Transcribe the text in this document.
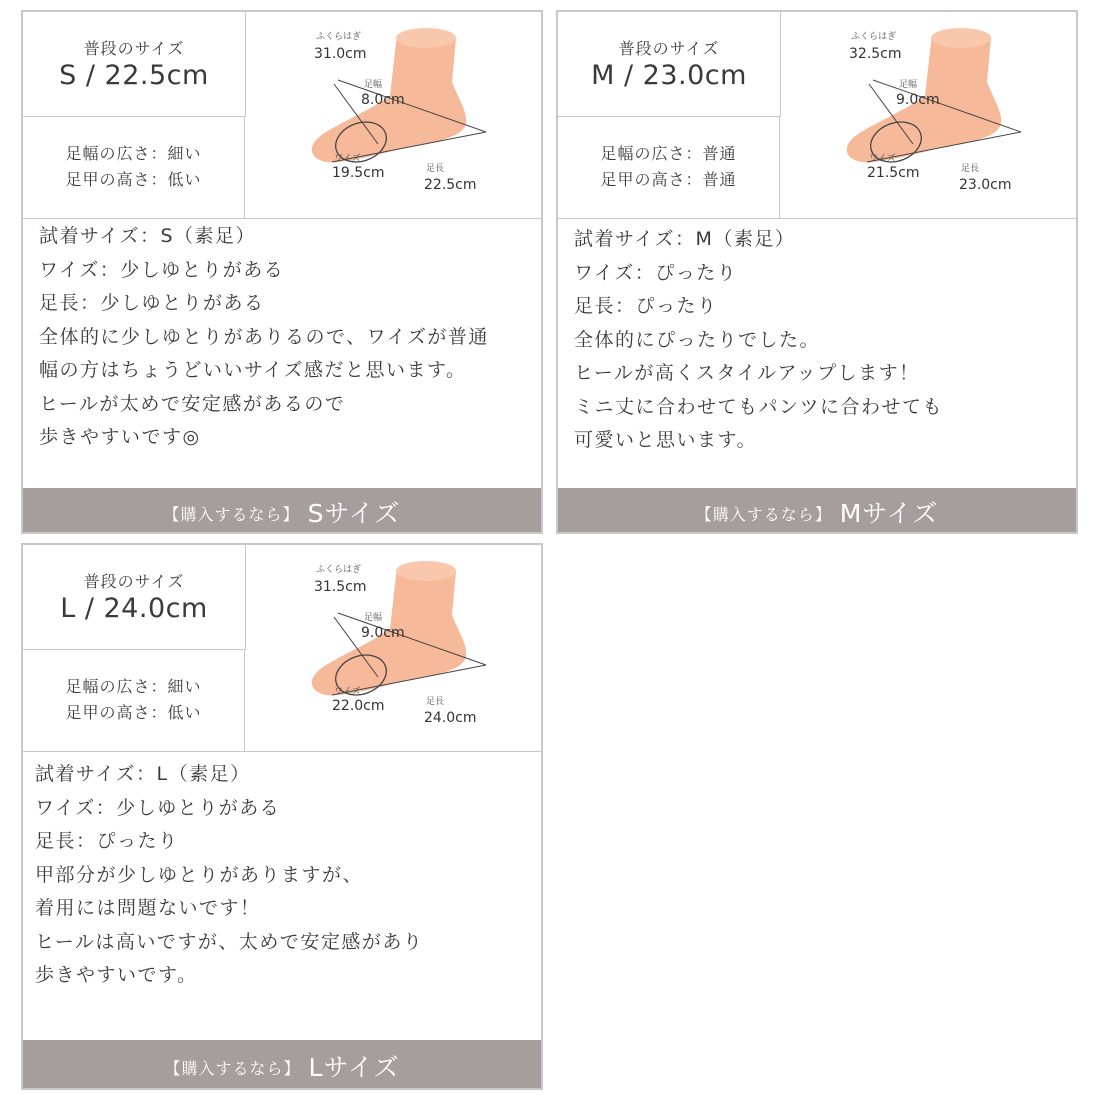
普段のサイズ
S / 22.5cm
足幅の広さ：細い
足甲の高さ：低い
ふくらはぎ
31.0cm
足幅
8.0cm
ワイズ
19.5cm	足長
22.5cm
試着サイズ：S（素足）
ワイズ：少しゆとりがある
足長：少しゆとりがある
全体的に少しゆとりがありるので、ワイズが普通
幅の方はちょうどいいサイズ感だと思います。
ヒールが太めで安定感があるので
歩きやすいです◎
【購入するなら】 Sサイズ
普段のサイズ
M / 23.0cm
足幅の広さ：普通
足甲の高さ：普通
ふくらはぎ
32.5cm
足幅
9.0cm
ワイズ
21.5cm	足長
23.0cm
試着サイズ：M（素足）
ワイズ：ぴったり
足長：ぴったり
全体的にぴったりでした。
ヒールが高くスタイルアップします！
ミニ丈に合わせてもパンツに合わせても
可愛いと思います。
【購入するなら】 Mサイズ
普段のサイズ
L / 24.0cm
足幅の広さ：細い
足甲の高さ：低い
ふくらはぎ
31.5cm
足幅
9.0cm
ワイズ
22.0cm	足長
24.0cm
試着サイズ：L（素足）
ワイズ：少しゆとりがある
足長：ぴったり
甲部分が少しゆとりがありますが、
着用には問題ないです！
ヒールは高いですが、太めで安定感があり
歩きやすいです。
【購入するなら】 Lサイズ
